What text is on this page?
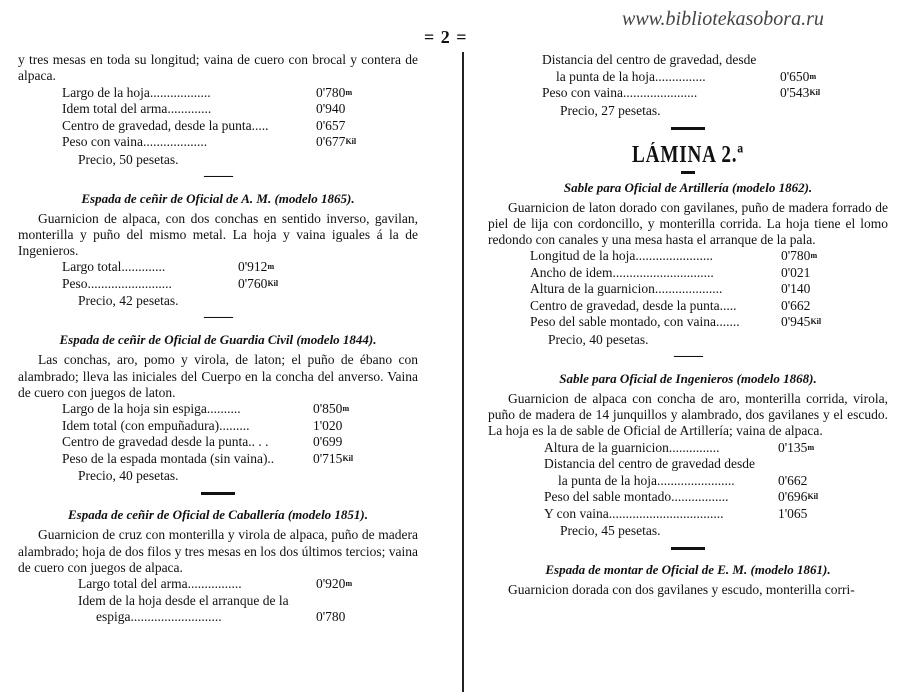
www.bibliotekasobora.ru
= 2 =

y tres mesas en toda su longitud; vaina de cuero con brocal y contera de alpaca.

Largo de la hoja..................	0'780 m
Idem total del arma.............	0'940
Centro de gravedad, desde la punta.....	0'657
Peso con vaina...................	0'677 Kil
Precio, 50 pesetas.
——
Espada de ceñir de Oficial de A. M. (modelo 1865).

Guarnicion de alpaca, con dos conchas en sentido inverso, gavilan, monterilla y puño del mismo metal. La hoja y vaina iguales á la de Ingenieros.

Largo total.............	0'912 m
Peso.........................	0'760 Kil
Precio, 42 pesetas.
——
Espada de ceñir de Oficial de Guardia Civil (modelo 1844).

Las conchas, aro, pomo y virola, de laton; el puño de ébano con alambrado; lleva las iniciales del Cuerpo en la concha del anverso. Vaina de cuero con juegos de laton.

Largo de la hoja sin espiga..........	0'850 m
Idem total (con empuñadura).........	1'020
Centro de gravedad desde la punta.. . .	0'699
Peso de la espada montada (sin vaina)..	0'715 Kil
Precio, 40 pesetas.
Espada de ceñir de Oficial de Caballería (modelo 1851).

Guarnicion de cruz con monterilla y virola de alpaca, puño de madera alambrado; hoja de dos filos y tres mesas en los dos últimos tercios; vaina de cuero con juegos de alpaca.

Largo total del arma................	0'920 m
Idem de la hoja desde el arranque de la
espiga...........................	0'780
Distancia del centro de gravedad, desde
la punta de la hoja...............	0'650 m
Peso con vaina......................	0'543 Kil
Precio, 27 pesetas.
LÁMINA 2.ª
Sable para Oficial de Artillería (modelo 1862).

Guarnicion de laton dorado con gavilanes, puño de madera forrado de piel de lija con cordoncillo, y monterilla corrida. La hoja tiene el lomo redondo con canales y una mesa hasta el arranque de la pala.

Longitud de la hoja.......................	0'780 m
Ancho de idem..............................	0'021
Altura de la guarnicion....................	0'140
Centro de gravedad, desde la punta.....	0'662
Peso del sable montado, con vaina.......	0'945 Kil
Precio, 40 pesetas.
——
Sable para Oficial de Ingenieros (modelo 1868).

Guarnicion de alpaca con concha de aro, monterilla corrida, virola, puño de madera de 14 junquillos y alambrado, dos gavilanes y el escudo. La hoja es la de sable de Oficial de Artillería; vaina de alpaca.

Altura de la guarnicion...............	0'135 m
Distancia del centro de gravedad desde
la punta de la hoja.......................	0'662
Peso del sable montado.................	0'696 Kil
Y con vaina..................................	1'065
Precio, 45 pesetas.
Espada de montar de Oficial de E. M. (modelo 1861).

Guarnicion dorada con dos gavilanes y escudo, monterilla corri-
